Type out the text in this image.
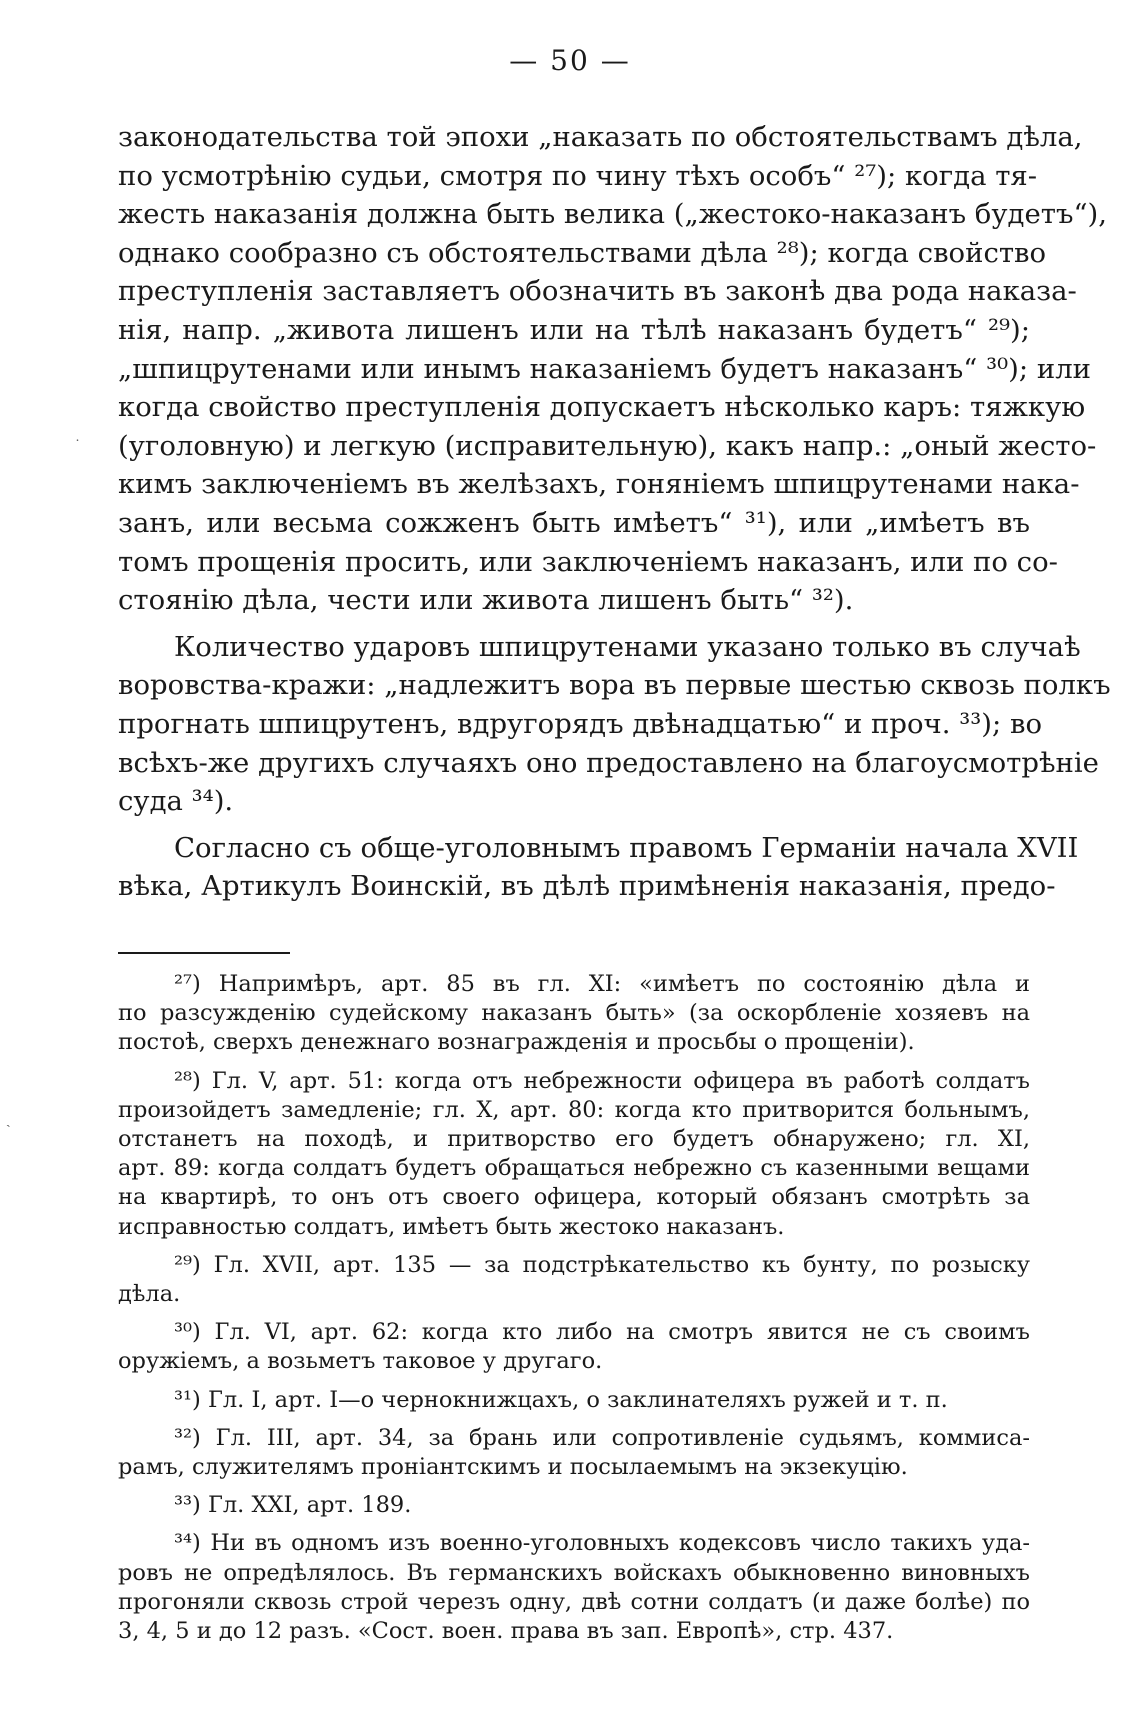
— 50 —
законодательства той эпохи „наказать по обстоятельствамъ дѣла,
по усмотрѣнію судьи, смотря по чину тѣхъ особъ“ ²⁷); когда тя-
жесть наказанія должна быть велика („жестоко-наказанъ будетъ“),
однако сообразно съ обстоятельствами дѣла ²⁸); когда свойство
преступленія заставляетъ обозначить въ законѣ два рода наказа-
нія, напр. „живота лишенъ или на тѣлѣ наказанъ будетъ“ ²⁹);
„шпицрутенами или инымъ наказаніемъ будетъ наказанъ“ ³⁰); или
когда свойство преступленія допускаетъ нѣсколько каръ: тяжкую
(уголовную) и легкую (исправительную), какъ напр.: „оный жесто-
кимъ заключеніемъ въ желѣзахъ, гоняніемъ шпицрутенами нака-
занъ, или весьма сожженъ быть имѣетъ“ ³¹), или „имѣетъ въ
томъ прощенія просить, или заключеніемъ наказанъ, или по со-
стоянію дѣла, чести или живота лишенъ быть“ ³²).
Количество ударовъ шпицрутенами указано только въ случаѣ
воровства-кражи: „надлежитъ вора въ первые шестью сквозь полкъ
прогнать шпицрутенъ, вдругорядъ двѣнадцатью“ и проч. ³³); во
всѣхъ-же другихъ случаяхъ оно предоставлено на благоусмотрѣніе
суда ³⁴).
Согласно съ обще-уголовнымъ правомъ Германіи начала XVII
вѣка, Артикулъ Воинскій, въ дѣлѣ примѣненія наказанія, предо-
²⁷) Напримѣръ, арт. 85 въ гл. XI: «имѣетъ по состоянію дѣла и
по разсужденію судейскому наказанъ быть» (за оскорбленіе хозяевъ на
постоѣ, сверхъ денежнаго вознагражденія и просьбы о прощеніи).
²⁸) Гл. V, арт. 51: когда отъ небрежности офицера въ работѣ солдатъ
произойдетъ замедленіе; гл. X, арт. 80: когда кто притворится больнымъ,
отстанетъ на походѣ, и притворство его будетъ обнаружено; гл. XI,
арт. 89: когда солдатъ будетъ обращаться небрежно съ казенными вещами
на квартирѣ, то онъ отъ своего офицера, который обязанъ смотрѣть за
исправностью солдатъ, имѣетъ быть жестоко наказанъ.
²⁹) Гл. XVII, арт. 135 — за подстрѣкательство къ бунту, по розыску
дѣла.
³⁰) Гл. VI, арт. 62: когда кто либо на смотръ явится не съ своимъ
оружіемъ, а возьметъ таковое у другаго.
³¹) Гл. I, арт. I—о чернокнижцахъ, о заклинателяхъ ружей и т. п.
³²) Гл. III, арт. 34, за брань или сопротивленіе судьямъ, коммиса-
рамъ, служителямъ проніантскимъ и посылаемымъ на экзекуцію.
³³) Гл. XXI, арт. 189.
³⁴) Ни въ одномъ изъ военно-уголовныхъ кодексовъ число такихъ уда-
ровъ не опредѣлялось. Въ германскихъ войскахъ обыкновенно виновныхъ
прогоняли сквозь строй черезъ одну, двѣ сотни солдатъ (и даже болѣе) по
3, 4, 5 и до 12 разъ. «Сост. воен. права въ зап. Европѣ», стр. 437.
˙
ˏ
